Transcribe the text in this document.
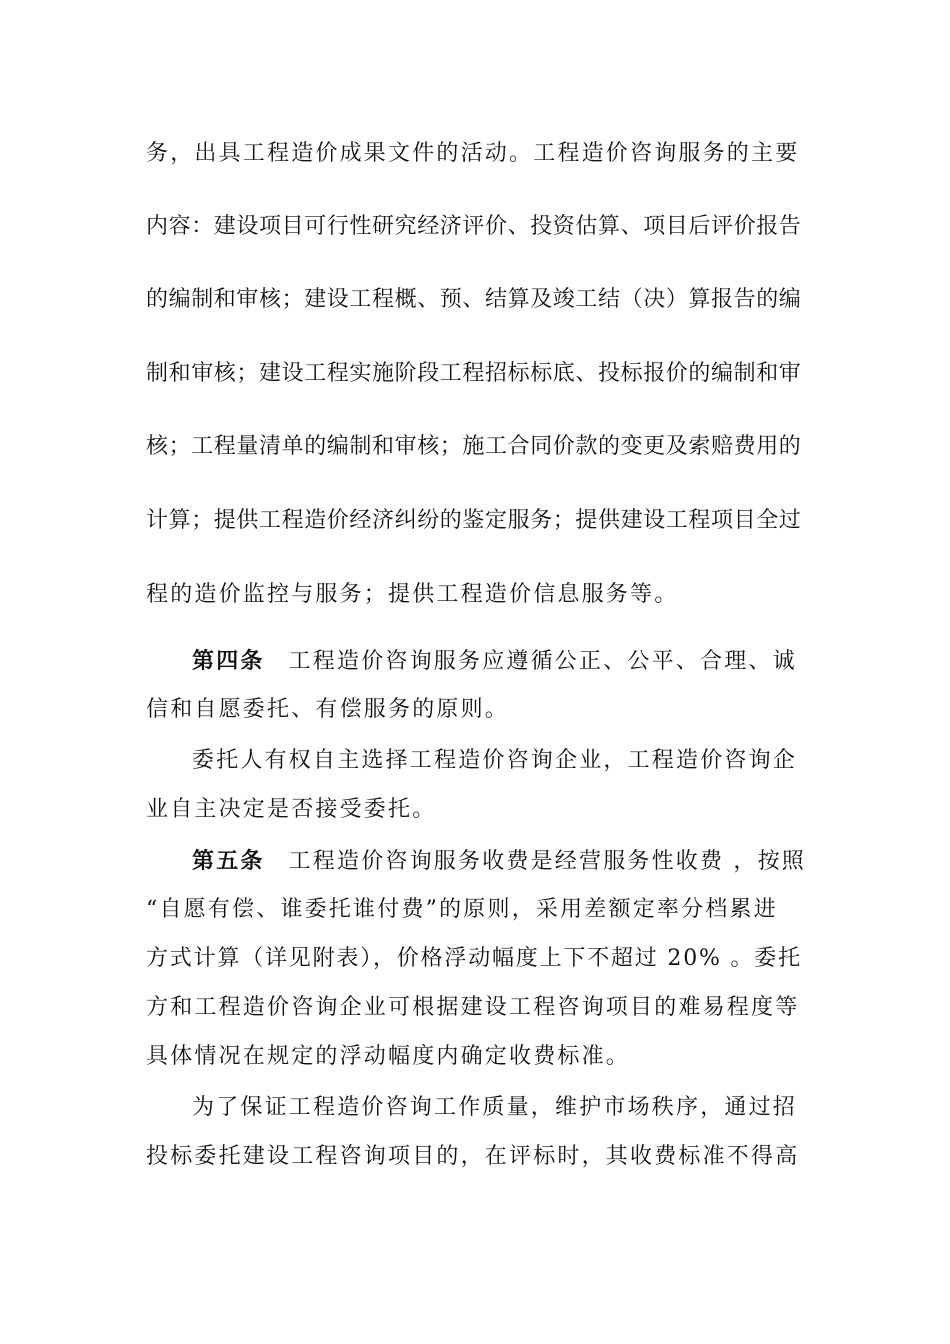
务，出具工程造价成果文件的活动。工程造价咨询服务的主要
内容：建设项目可行性研究经济评价、投资估算、项目后评价报告
的编制和审核；建设工程概、预、结算及竣工结（决）算报告的编
制和审核；建设工程实施阶段工程招标标底、投标报价的编制和审
核；工程量清单的编制和审核；施工合同价款的变更及索赔费用的
计算；提供工程造价经济纠纷的鉴定服务；提供建设工程项目全过
程的造价监控与服务；提供工程造价信息服务等。
第四条 工程造价咨询服务应遵循公正、公平、合理、诚
信和自愿委托、有偿服务的原则。
委托人有权自主选择工程造价咨询企业，工程造价咨询企
业自主决定是否接受委托。
第五条 工程造价咨询服务收费是经营服务性收费 ，按照
“自愿有偿、谁委托谁付费”的原则，采用差额定率分档累进
方式计算（详见附表），价格浮动幅度上下不超过 20% 。委托
方和工程造价咨询企业可根据建设工程咨询项目的难易程度等
具体情况在规定的浮动幅度内确定收费标准。
为了保证工程造价咨询工作质量，维护市场秩序，通过招
投标委托建设工程咨询项目的，在评标时，其收费标准不得高
